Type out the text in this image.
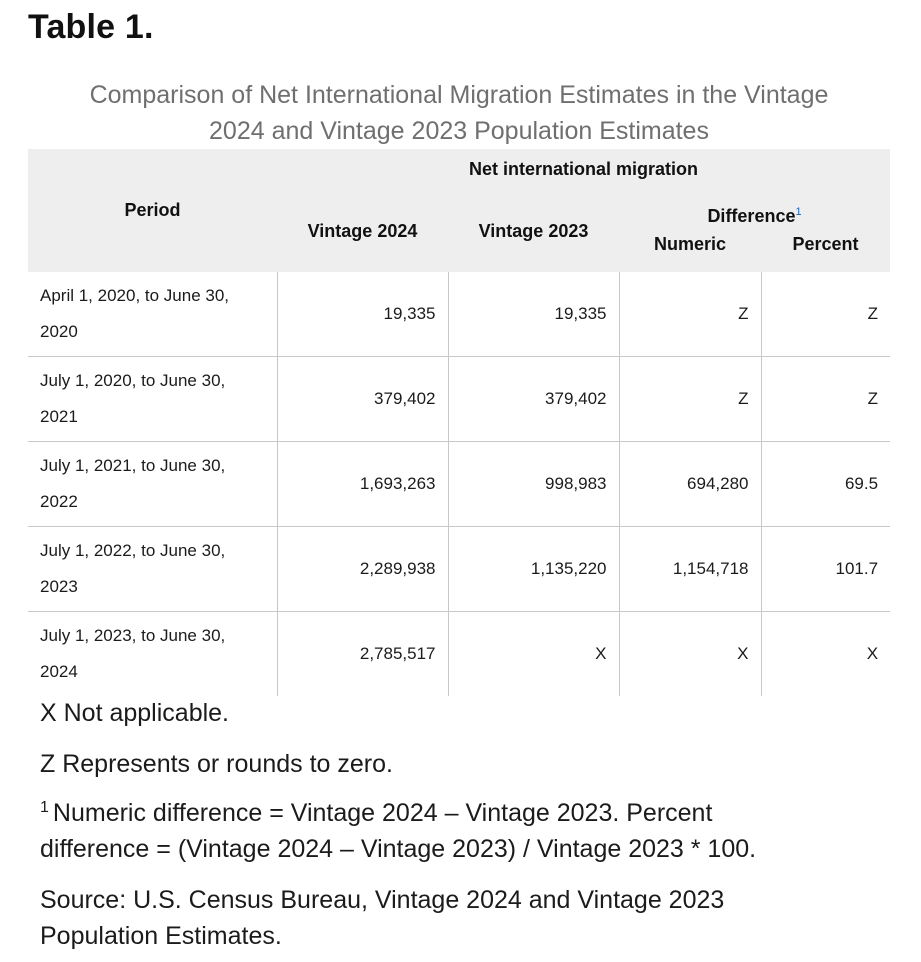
Table 1.
Comparison of Net International Migration Estimates in the Vintage
2024 and Vintage 2023 Population Estimates
Period	Net international migration			
	Vintage 2024	Vintage 2023	Difference$^1$
			Numeric	Percent
April 1, 2020, to June 30,
2020	19,335	19,335	Z	Z
July 1, 2020, to June 30,
2021	379,402	379,402	Z	Z
July 1, 2021, to June 30,
2022	1,693,263	998,983	694,280	69.5
July 1, 2022, to June 30,
2023	2,289,938	1,135,220	1,154,718	101.7
July 1, 2023, to June 30,
2024	2,785,517	X	X	X

X Not applicable.

Z Represents or rounds to zero.

$^1$ Numeric difference = Vintage 2024 – Vintage 2023. Percent
difference = (Vintage 2024 – Vintage 2023) / Vintage 2023 * 100.

Source: U.S. Census Bureau, Vintage 2024 and Vintage 2023
Population Estimates.
